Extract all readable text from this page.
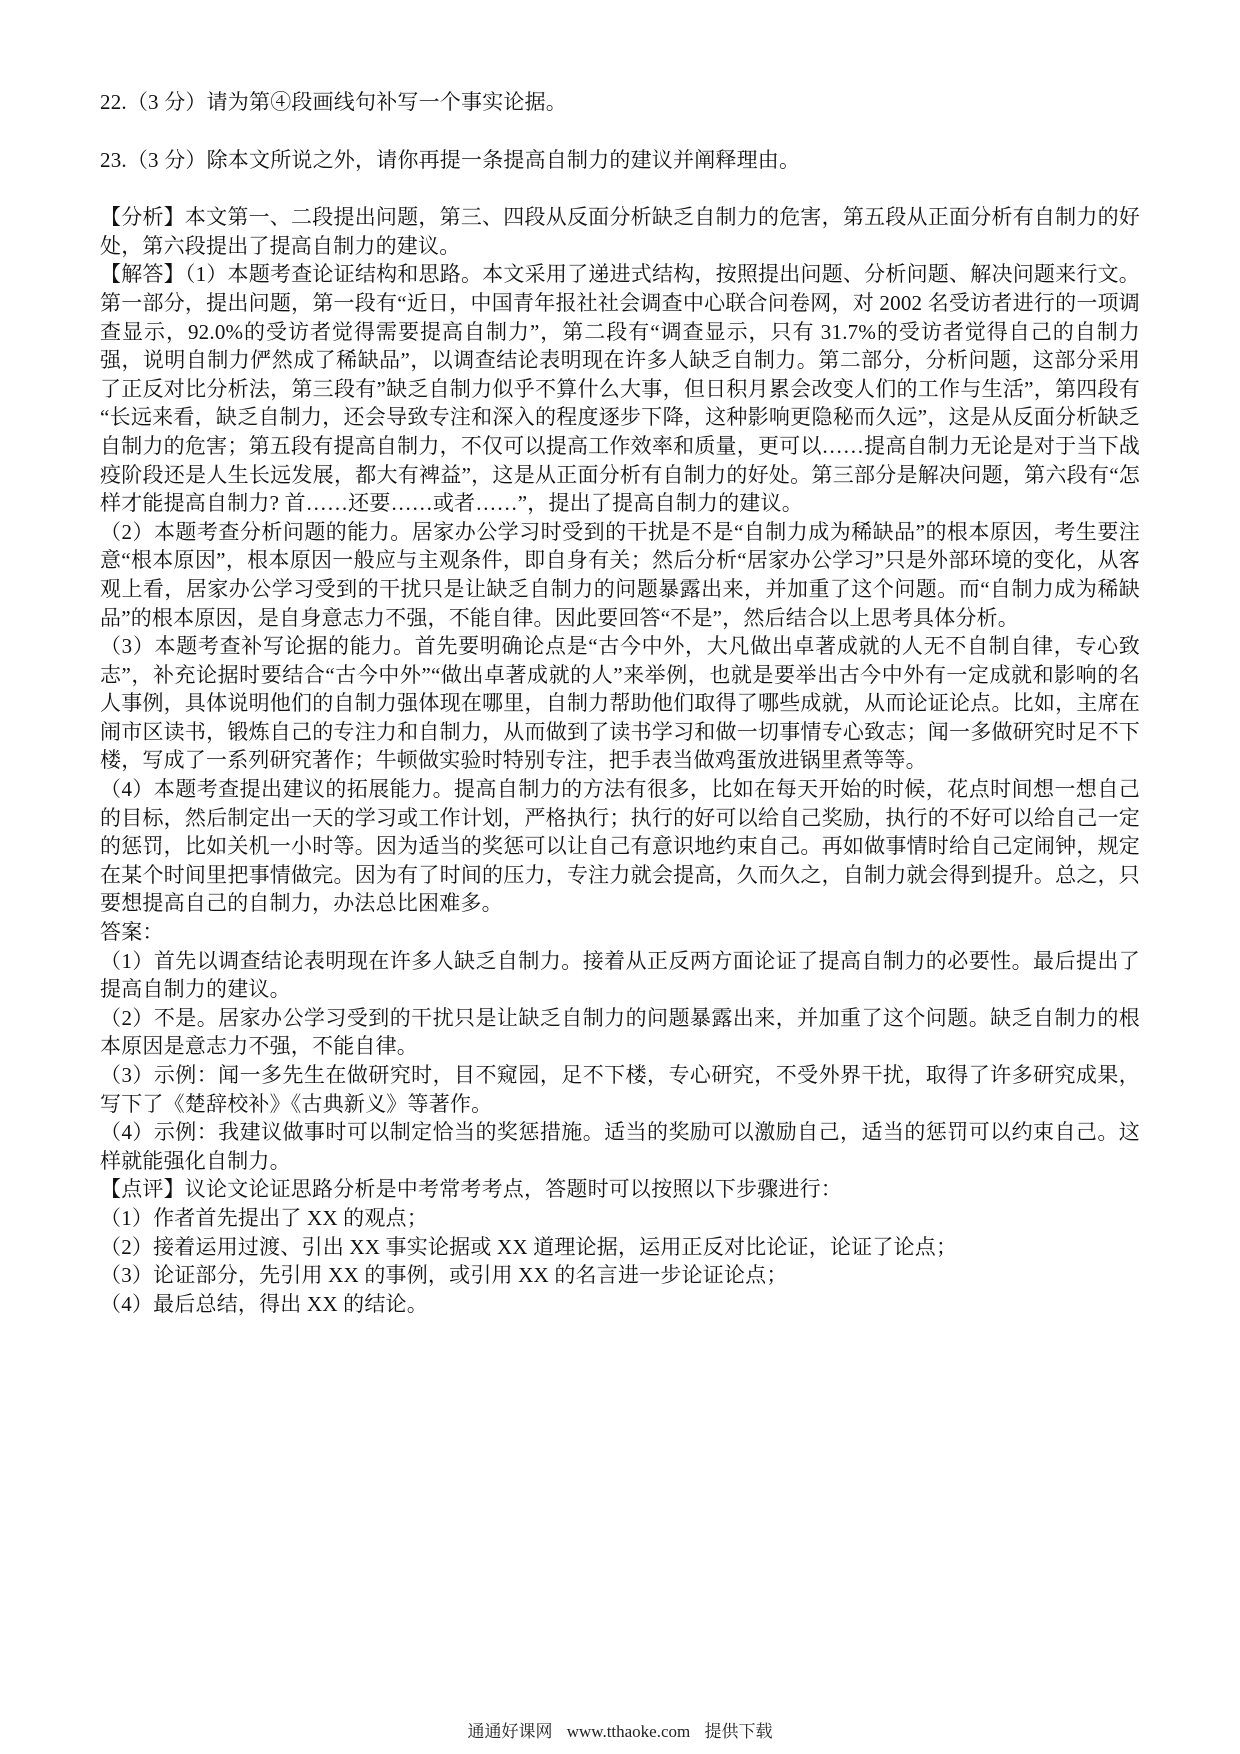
22.（3 分）请为第④段画线句补写一个事实论据。

23.（3 分）除本文所说之外，请你再提一条提高自制力的建议并阐释理由。

【分析】本文第一、二段提出问题，第三、四段从反面分析缺乏自制力的危害，第五段从正面分析有自制力的好处，第六段提出了提高自制力的建议。

【解答】（1）本题考查论证结构和思路。本文采用了递进式结构，按照提出问题、分析问题、解决问题来行文。第一部分，提出问题，第一段有“近日，中国青年报社社会调查中心联合问卷网，对 2002 名受访者进行的一项调查显示，92.0%的受访者觉得需要提高自制力”，第二段有“调查显示，只有 31.7%的受访者觉得自己的自制力强，说明自制力俨然成了稀缺品”，以调查结论表明现在许多人缺乏自制力。第二部分，分析问题，这部分采用了正反对比分析法，第三段有”缺乏自制力似乎不算什么大事，但日积月累会改变人们的工作与生活”，第四段有“长远来看，缺乏自制力，还会导致专注和深入的程度逐步下降，这种影响更隐秘而久远”，这是从反面分析缺乏自制力的危害；第五段有提高自制力，不仅可以提高工作效率和质量，更可以……提高自制力无论是对于当下战疫阶段还是人生长远发展，都大有裨益”，这是从正面分析有自制力的好处。第三部分是解决问题，第六段有“怎样才能提高自制力? 首……还要……或者……”，提出了提高自制力的建议。

（2）本题考查分析问题的能力。居家办公学习时受到的干扰是不是“自制力成为稀缺品”的根本原因，考生要注意“根本原因”，根本原因一般应与主观条件，即自身有关；然后分析“居家办公学习”只是外部环境的变化，从客观上看，居家办公学习受到的干扰只是让缺乏自制力的问题暴露出来，并加重了这个问题。而“自制力成为稀缺品”的根本原因，是自身意志力不强，不能自律。因此要回答“不是”，然后结合以上思考具体分析。

（3）本题考查补写论据的能力。首先要明确论点是“古今中外，大凡做出卓著成就的人无不自制自律，专心致志”，补充论据时要结合“古今中外”“做出卓著成就的人”来举例，也就是要举出古今中外有一定成就和影响的名人事例，具体说明他们的自制力强体现在哪里，自制力帮助他们取得了哪些成就，从而论证论点。比如，主席在闹市区读书，锻炼自己的专注力和自制力，从而做到了读书学习和做一切事情专心致志；闻一多做研究时足不下楼，写成了一系列研究著作；牛顿做实验时特别专注，把手表当做鸡蛋放进锅里煮等等。

（4）本题考查提出建议的拓展能力。提高自制力的方法有很多，比如在每天开始的时候，花点时间想一想自己的目标，然后制定出一天的学习或工作计划，严格执行；执行的好可以给自己奖励，执行的不好可以给自己一定的惩罚，比如关机一小时等。因为适当的奖惩可以让自己有意识地约束自己。再如做事情时给自己定闹钟，规定在某个时间里把事情做完。因为有了时间的压力，专注力就会提高，久而久之，自制力就会得到提升。总之，只要想提高自己的自制力，办法总比困难多。

答案：

（1）首先以调查结论表明现在许多人缺乏自制力。接着从正反两方面论证了提高自制力的必要性。最后提出了提高自制力的建议。

（2）不是。居家办公学习受到的干扰只是让缺乏自制力的问题暴露出来，并加重了这个问题。缺乏自制力的根本原因是意志力不强，不能自律。

（3）示例：闻一多先生在做研究时，目不窥园，足不下楼，专心研究，不受外界干扰，取得了许多研究成果，写下了《楚辞校补》《古典新义》等著作。

（4）示例：我建议做事时可以制定恰当的奖惩措施。适当的奖励可以激励自己，适当的惩罚可以约束自己。这样就能强化自制力。

【点评】议论文论证思路分析是中考常考考点，答题时可以按照以下步骤进行：

（1）作者首先提出了 XX 的观点；

（2）接着运用过渡、引出 XX 事实论据或 XX 道理论据，运用正反对比论证，论证了论点；

（3）论证部分，先引用 XX 的事例，或引用 XX 的名言进一步论证论点；

（4）最后总结，得出 XX 的结论。

通通好课网 www.tthaoke.com 提供下载
